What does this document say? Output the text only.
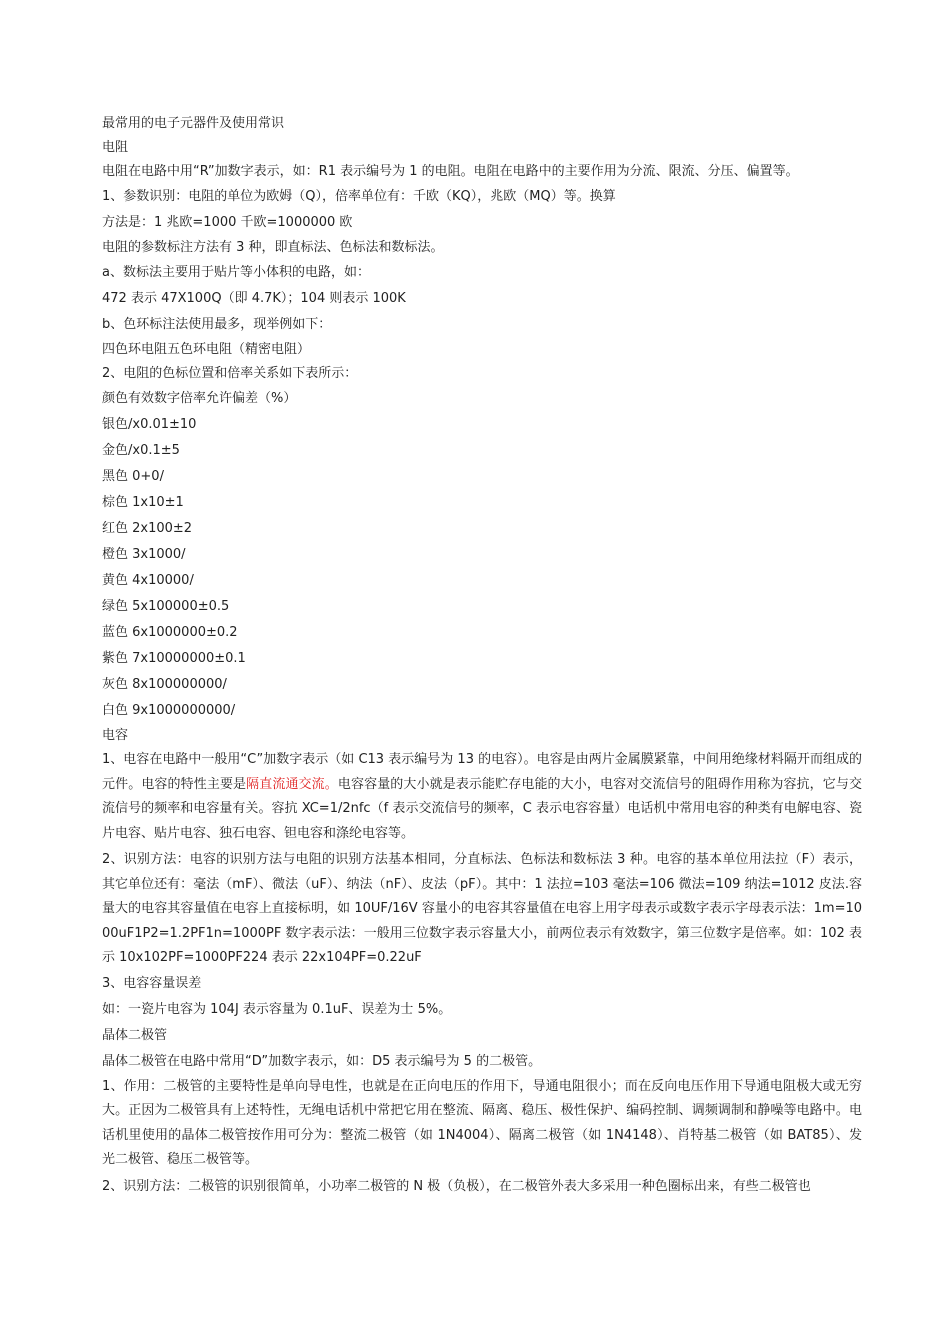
最常用的电子元器件及使用常识
电阻
电阻在电路中用“R”加数字表示，如：R1 表示编号为 1 的电阻。电阻在电路中的主要作用为分流、限流、分压、偏置等。
1、参数识别：电阻的单位为欧姆（Q），倍率单位有：千欧（KQ），兆欧（MQ）等。换算
方法是：1 兆欧=1000 千欧=1000000 欧
电阻的参数标注方法有 3 种，即直标法、色标法和数标法。
a、数标法主要用于贴片等小体积的电路，如：
472 表示 47X100Q（即 4.7K）；104 则表示 100K
b、色环标注法使用最多，现举例如下：
四色环电阻五色环电阻（精密电阻）
2、电阻的色标位置和倍率关系如下表所示：
颜色有效数字倍率允许偏差（%）
银色/x0.01±10
金色/x0.1±5
黑色 0+0/
棕色 1x10±1
红色 2x100±2
橙色 3x1000/
黄色 4x10000/
绿色 5x100000±0.5
蓝色 6x1000000±0.2
紫色 7x10000000±0.1
灰色 8x100000000/
白色 9x1000000000/
电容
1、电容在电路中一般用“C”加数字表示（如 C13 表示编号为 13 的电容）。电容是由两片金属膜紧靠，中间用绝缘材料隔开而组成的元件。电容的特性主要是隔直流通交流。电容容量的大小就是表示能贮存电能的大小，电容对交流信号的阻碍作用称为容抗，它与交流信号的频率和电容量有关。容抗 XC=1/2nfc（f 表示交流信号的频率，C 表示电容容量）电话机中常用电容的种类有电解电容、瓷片电容、贴片电容、独石电容、钽电容和涤纶电容等。
2、识别方法：电容的识别方法与电阻的识别方法基本相同，分直标法、色标法和数标法 3 种。电容的基本单位用法拉（F）表示，其它单位还有：毫法（mF）、微法（uF）、纳法（nF）、皮法（pF）。其中：1 法拉=103 毫法=106 微法=109 纳法=1012 皮法.容量大的电容其容量值在电容上直接标明，如 10UF/16V 容量小的电容其容量值在电容上用字母表示或数字表示字母表示法：1m=1000uF1P2=1.2PF1n=1000PF 数字表示法：一般用三位数字表示容量大小，前两位表示有效数字，第三位数字是倍率。如：102 表示 10x102PF=1000PF224 表示 22x104PF=0.22uF
3、电容容量误差
如：一瓷片电容为 104J 表示容量为 0.1uF、误差为士 5%。
晶体二极管
晶体二极管在电路中常用“D”加数字表示，如：D5 表示编号为 5 的二极管。
1、作用：二极管的主要特性是单向导电性，也就是在正向电压的作用下，导通电阻很小；而在反向电压作用下导通电阻极大或无穷大。正因为二极管具有上述特性，无绳电话机中常把它用在整流、隔离、稳压、极性保护、编码控制、调频调制和静噪等电路中。电话机里使用的晶体二极管按作用可分为：整流二极管（如 1N4004）、隔离二极管（如 1N4148）、肖特基二极管（如 BAT85）、发光二极管、稳压二极管等。
2、识别方法：二极管的识别很简单，小功率二极管的 N 极（负极），在二极管外表大多采用一种色圈标出来，有些二极管也
